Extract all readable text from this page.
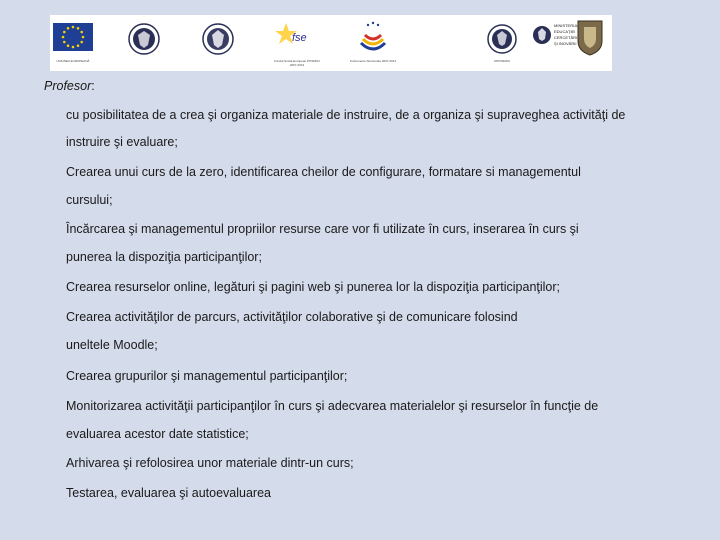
UNIUNEA EUROPEANĂ
fse
Fondul Social European POSDRU 2007-2013
Instrumente Structurale 2007-2013	OIPOSDRU
MINISTERUL
EDUCAŢIEI
CERCETĂRII
ŞI INOVĂRII
Profesor:
cu posibilitatea de a crea şi organiza materiale de instruire, de a organiza şi supraveghea activităţi de
instruire şi evaluare;
Crearea unui curs de la zero, identificarea cheilor de configurare, formatare si managementul
cursului;
Încărcarea şi managementul propriilor resurse care vor fi utilizate în curs, inserarea în curs şi
punerea la dispoziţia participanţilor;
Crearea resurselor online, legături şi pagini web şi punerea lor la dispoziţia participanţilor;
Crearea activităţilor de parcurs, activităţilor colaborative şi de comunicare folosind
uneltele Moodle;
Crearea grupurilor şi managementul participanţilor;
Monitorizarea activităţii participanţilor în curs şi adecvarea materialelor şi resurselor în funcţie de
evaluarea acestor date statistice;
Arhivarea şi refolosirea unor materiale dintr-un curs;
Testarea, evaluarea şi autoevaluarea
